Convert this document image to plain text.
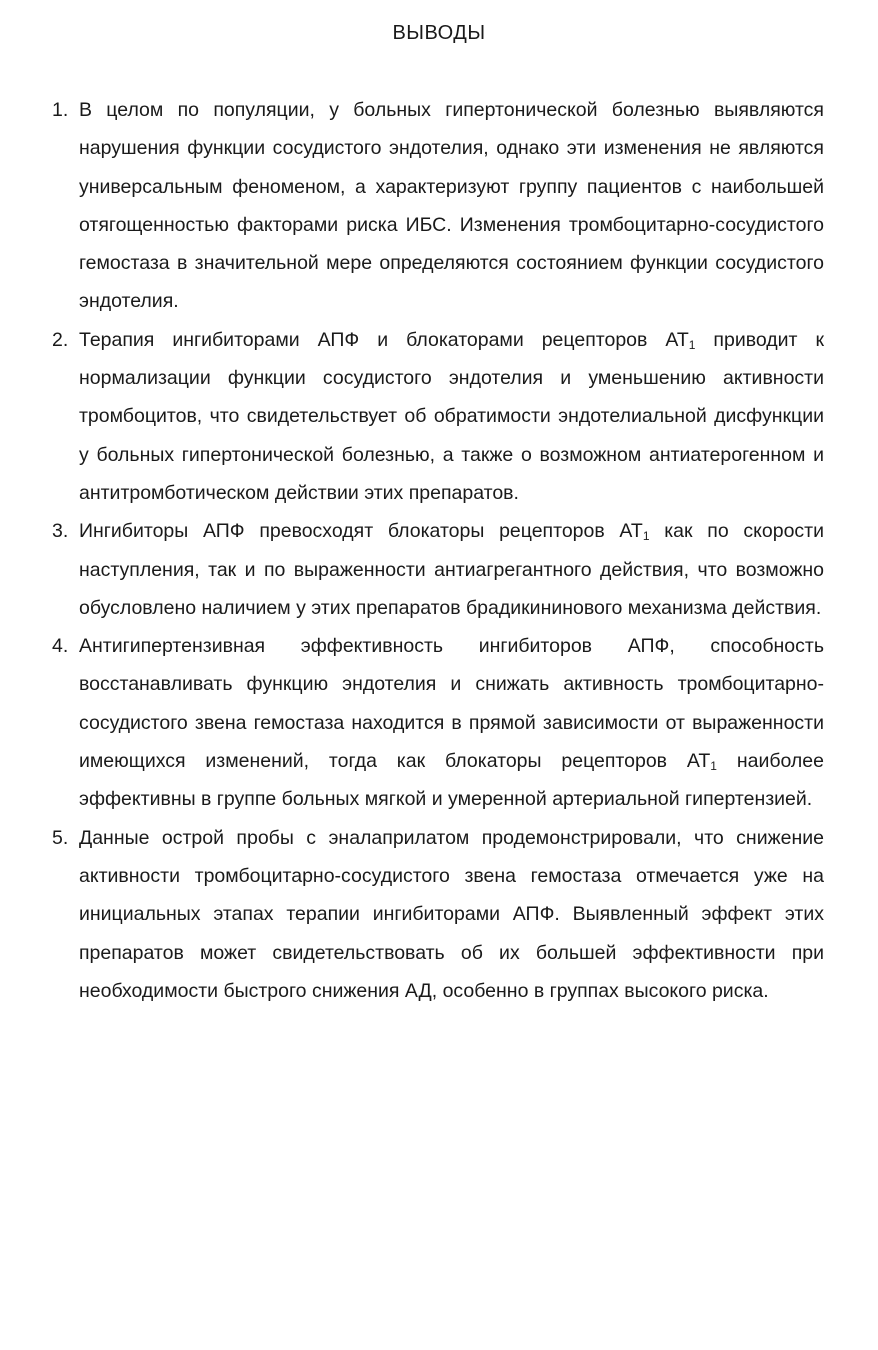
ВЫВОДЫ
1. В целом по популяции, у больных гипертонической болезнью выявляются нарушения функции сосудистого эндотелия, однако эти изменения не являются универсальным феноменом, а характеризуют группу пациентов с наибольшей отягощенностью факторами риска ИБС. Изменения тромбоцитарно-сосудистого гемостаза в значительной мере определяются состоянием функции сосудистого эндотелия.
2. Терапия ингибиторами АПФ и блокаторами рецепторов $АТ_1$ приводит к нормализации функции сосудистого эндотелия и уменьшению активности тромбоцитов, что свидетельствует об обратимости эндотелиальной дисфункции у больных гипертонической болезнью, а также о возможном антиатерогенном и антитромботическом действии этих препаратов.
3. Ингибиторы АПФ превосходят блокаторы рецепторов $АТ_1$ как по скорости наступления, так и по выраженности антиагрегантного действия, что возможно обусловлено наличием у этих препаратов брадикининового механизма действия.
4. Антигипертензивная эффективность ингибиторов АПФ, способность восстанавливать функцию эндотелия и снижать активность тромбоцитарно-сосудистого звена гемостаза находится в прямой зависимости от выраженности имеющихся изменений, тогда как блокаторы рецепторов $АТ_1$ наиболее эффективны в группе больных мягкой и умеренной артериальной гипертензией.
5. Данные острой пробы с эналаприлатом продемонстрировали, что снижение активности тромбоцитарно-сосудистого звена гемостаза отмечается уже на инициальных этапах терапии ингибиторами АПФ. Выявленный эффект этих препаратов может свидетельствовать об их большей эффективности при необходимости быстрого снижения АД, особенно в группах высокого риска.
